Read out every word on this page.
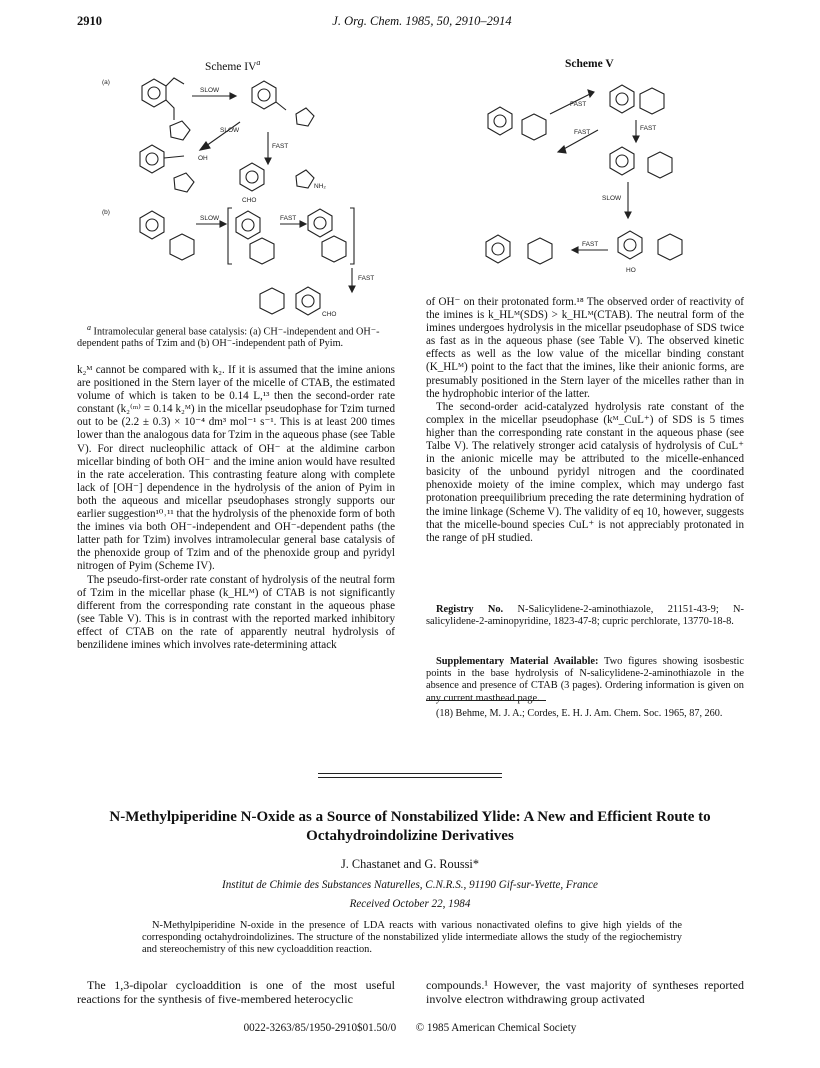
2910	J. Org. Chem. 1985, 50, 2910–2914
Scheme $IV^a$
(a)
SLOW
SLOW
FAST
OH
CHO
NH₂
(b)
SLOW	FAST
FAST
CHO

$^a$ Intramolecular general base catalysis: (a) CH⁻-independent and OH⁻-dependent paths of Tzim and (b) OH⁻-independent path of Pyim.

k₂ᴹ cannot be compared with k₂. If it is assumed that the imine anions are positioned in the Stern layer of the micelle of CTAB, the estimated volume of which is taken to be 0.14 L,¹³ then the second-order rate constant (k₂⁽ᵐ⁾ = 0.14 k₂ᴹ) in the micellar pseudophase for Tzim turned out to be (2.2 ± 0.3) × 10⁻⁴ dm³ mol⁻¹ s⁻¹. This is at least 200 times lower than the analogous data for Tzim in the aqueous phase (see Table V). For direct nucleophilic attack of OH⁻ at the aldimine carbon micellar binding of both OH⁻ and the imine anion would have resulted in the rate acceleration. This contrasting feature along with complete lack of [OH⁻] dependence in the hydrolysis of the anion of Pyim in both the aqueous and micellar pseudophases strongly supports our earlier suggestion¹⁰˒¹¹ that the hydrolysis of the phenoxide form of both the imines via both OH⁻-independent and OH⁻-dependent paths (the latter path for Tzim) involves intramolecular general base catalysis of the phenoxide group of Tzim and of the phenoxide group and pyridyl nitrogen of Pyim (Scheme IV).

The pseudo-first-order rate constant of hydrolysis of the neutral form of Tzim in the micellar phase (k_HLᴹ) of CTAB is not significantly different from the corresponding rate constant in the aqueous phase (see Table V). This is in contrast with the reported marked inhibitory effect of CTAB on the rate of apparently neutral hydrolysis of benzilidene imines which involves rate-determining attack

Scheme V
FAST
FAST
FAST
SLOW
FAST
HO

of OH⁻ on their protonated form.¹⁸ The observed order of reactivity of the imines is k_HLᴹ(SDS) > k_HLᴹ(CTAB). The neutral form of the imines undergoes hydrolysis in the micellar pseudophase of SDS twice as fast as in the aqueous phase (see Table V). The observed kinetic effects as well as the low value of the micellar binding constant (K_HLᴹ) point to the fact that the imines, like their anionic forms, are presumably positioned in the Stern layer of the micelles rather than in the hydrophobic interior of the latter.

The second-order acid-catalyzed hydrolysis rate constant of the complex in the micellar pseudophase (kᴹ_CuL⁺) of SDS is 5 times higher than the corresponding rate constant in the aqueous phase (see Talbe V). The relatively stronger acid catalysis of hydrolysis of CuL⁺ in the anionic micelle may be attributed to the micelle-enhanced basicity of the unbound pyridyl nitrogen and the coordinated phenoxide moiety of the imine complex, which may undergo fast protonation preequilibrium preceding the rate determining hydration of the imine linkage (Scheme V). The validity of eq 10, however, suggests that the micelle-bound species CuL⁺ is not appreciably protonated in the range of pH studied.

Registry No. N-Salicylidene-2-aminothiazole, 21151-43-9; N-salicylidene-2-aminopyridine, 1823-47-8; cupric perchlorate, 13770-18-8.

Supplementary Material Available: Two figures showing isosbestic points in the base hydrolysis of N-salicylidene-2-aminothiazole in the absence and presence of CTAB (3 pages). Ordering information is given on any current masthead page.

(18) Behme, M. J. A.; Cordes, E. H. J. Am. Chem. Soc. 1965, 87, 260.

N-Methylpiperidine N-Oxide as a Source of Nonstabilized Ylide: A New and Efficient Route to Octahydroindolizine Derivatives
J. Chastanet and G. Roussi*
Institut de Chimie des Substances Naturelles, C.N.R.S., 91190 Gif-sur-Yvette, France
Received October 22, 1984

N-Methylpiperidine N-oxide in the presence of LDA reacts with various nonactivated olefins to give high yields of the corresponding octahydroindolizines. The structure of the nonstabilized ylide intermediate allows the study of the regiochemistry and stereochemistry of this new cycloaddition reaction.

The 1,3-dipolar cycloaddition is one of the most useful reactions for the synthesis of five-membered heterocyclic

compounds.¹ However, the vast majority of syntheses reported involve electron withdrawing group activated

0022-3263/85/1950-2910$01.50/0 © 1985 American Chemical Society
